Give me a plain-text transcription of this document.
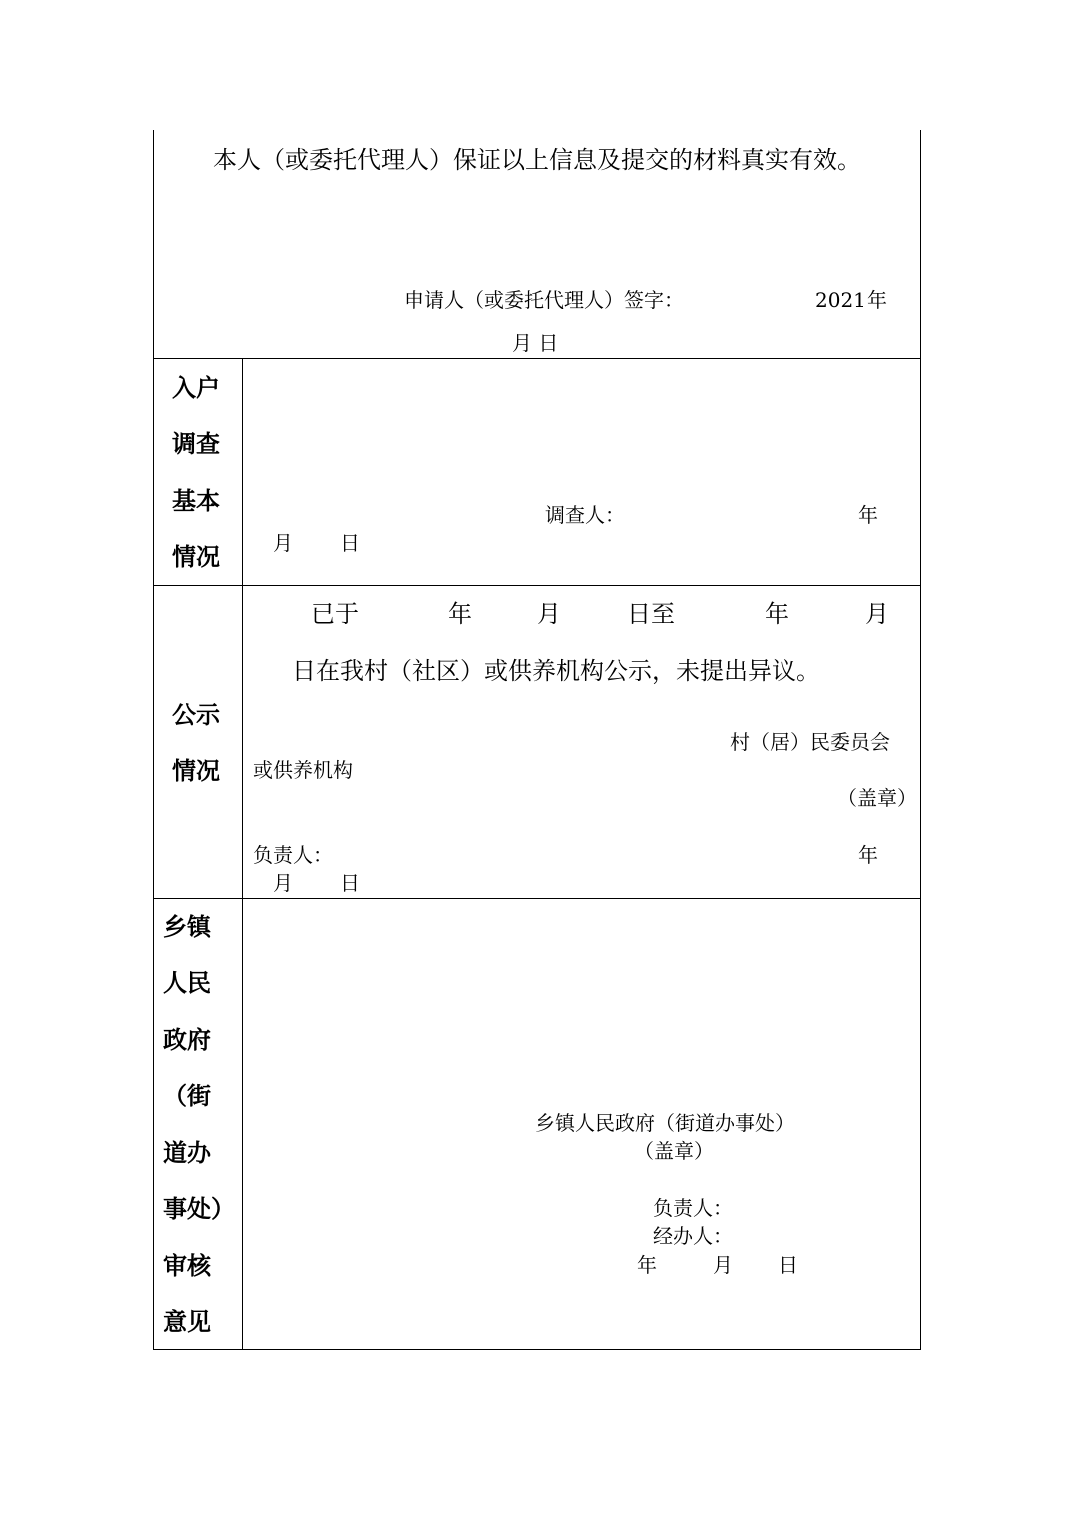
本人（或委托代理人）保证以上信息及提交的材料真实有效。
申请人（或委托代理人）签字：	2021 年
月 日
入户
调查
基本
情况
调查人：	年
月 日
公示
情况
已于	年	月	日至	年	月
日在我村（社区）或供养机构公示，未提出异议。
村（居）民委员会
或供养机构
（盖章）
负责人：	年
月 日
乡镇
人民
政府
（街
道办
事处）
审核
意见
乡镇人民政府（街道办事处）
（盖章）
负责人：
经办人：
年	月 日
